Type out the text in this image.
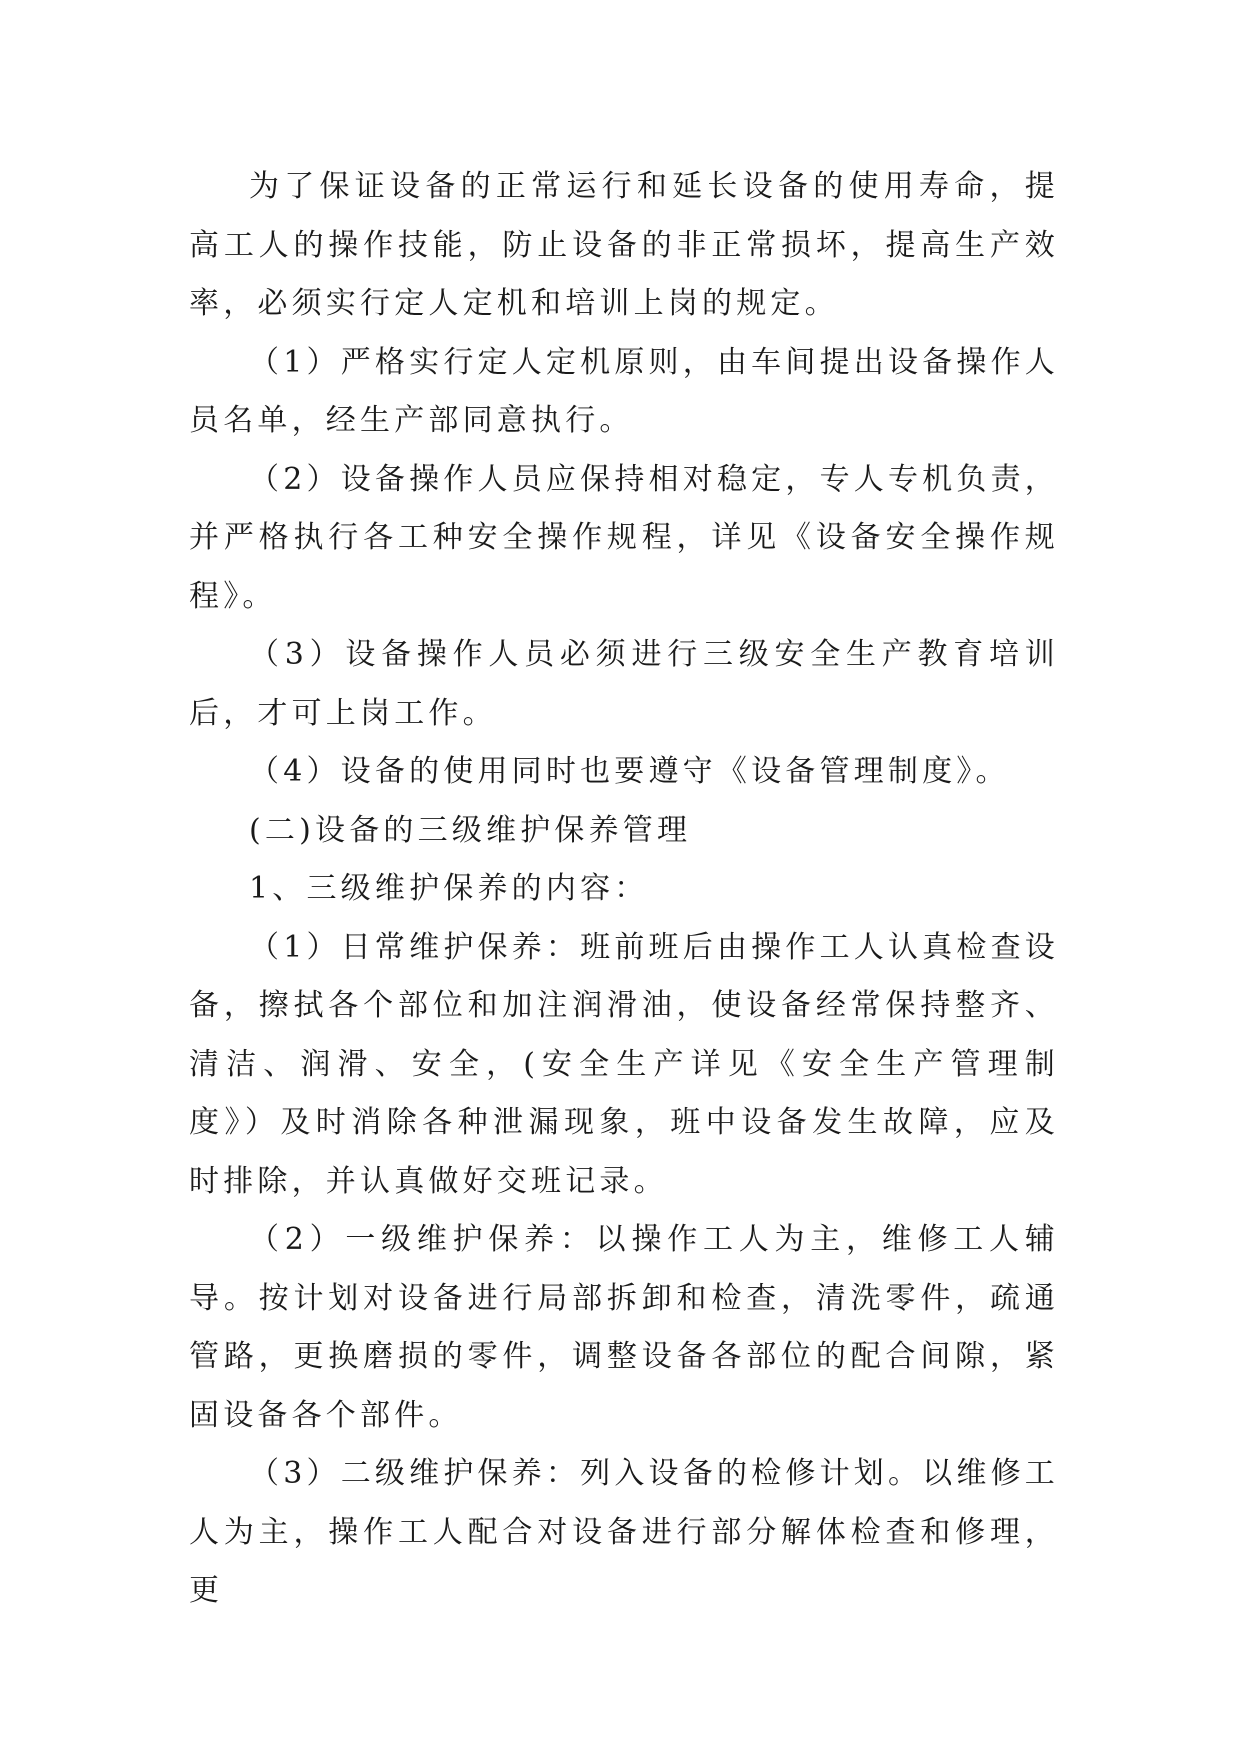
为了保证设备的正常运行和延长设备的使用寿命，提高工人的操作技能，防止设备的非正常损坏，提高生产效率，必须实行定人定机和培训上岗的规定。

（1）严格实行定人定机原则，由车间提出设备操作人员名单，经生产部同意执行。

（2）设备操作人员应保持相对稳定，专人专机负责，并严格执行各工种安全操作规程，详见《设备安全操作规程》。

（3）设备操作人员必须进行三级安全生产教育培训后，才可上岗工作。

（4）设备的使用同时也要遵守《设备管理制度》。

(二)设备的三级维护保养管理

1、三级维护保养的内容：

（1）日常维护保养：班前班后由操作工人认真检查设备，擦拭各个部位和加注润滑油，使设备经常保持整齐、清洁、润滑、安全，(安全生产详见《安全生产管理制度》）及时消除各种泄漏现象，班中设备发生故障，应及时排除，并认真做好交班记录。

（2）一级维护保养：以操作工人为主，维修工人辅导。按计划对设备进行局部拆卸和检查，清洗零件，疏通管路，更换磨损的零件，调整设备各部位的配合间隙，紧固设备各个部件。

（3）二级维护保养：列入设备的检修计划。以维修工人为主，操作工人配合对设备进行部分解体检查和修理，更
